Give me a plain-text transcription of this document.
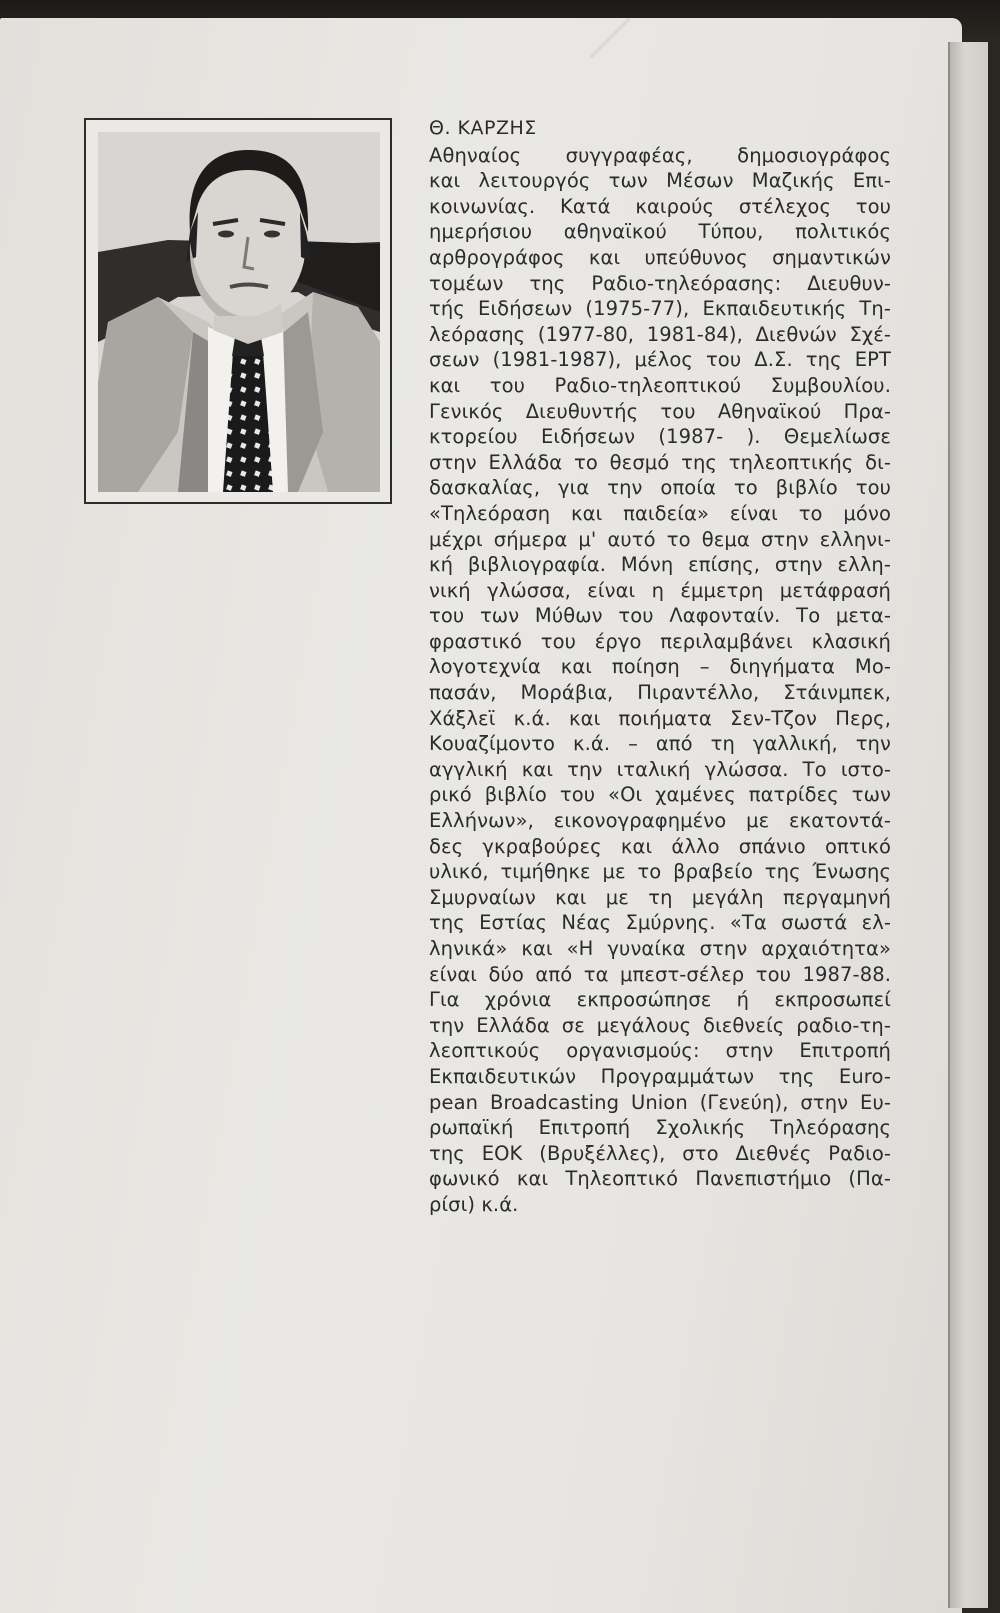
Θ. ΚΑΡΖΗΣ
Αθηναίος συγγραφέας, δημοσιογράφος
και λειτουργός των Μέσων Μαζικής Επι-
κοινωνίας. Κατά καιρούς στέλεχος του
ημερήσιου αθηναϊκού Τύπου, πολιτικός
αρθρογράφος και υπεύθυνος σημαντικών
τομέων της Ραδιο-τηλεόρασης: Διευθυν-
τής Ειδήσεων (1975-77), Εκπαιδευτικής Τη-
λεόρασης (1977-80, 1981-84), Διεθνών Σχέ-
σεων (1981-1987), μέλος του Δ.Σ. της ΕΡΤ
και του Ραδιο-τηλεοπτικού Συμβουλίου.
Γενικός Διευθυντής του Αθηναϊκού Πρα-
κτορείου Ειδήσεων (1987- ). Θεμελίωσε
στην Ελλάδα το θεσμό της τηλεοπτικής δι-
δασκαλίας, για την οποία το βιβλίο του
«Τηλεόραση και παιδεία» είναι το μόνο
μέχρι σήμερα μ' αυτό το θεμα στην ελληνι-
κή βιβλιογραφία. Μόνη επίσης, στην ελλη-
νική γλώσσα, είναι η έμμετρη μετάφρασή
του των Μύθων του Λαφονταίν. Το μετα-
φραστικό του έργο περιλαμβάνει κλασική
λογοτεχνία και ποίηση – διηγήματα Μο-
πασάν, Μοράβια, Πιραντέλλο, Στάινμπεκ,
Χάξλεϊ κ.ά. και ποιήματα Σεν-Τζον Περς,
Κουαζίμοντο κ.ά. – από τη γαλλική, την
αγγλική και την ιταλική γλώσσα. Το ιστο-
ρικό βιβλίο του «Οι χαμένες πατρίδες των
Ελλήνων», εικονογραφημένο με εκατοντά-
δες γκραβούρες και άλλο σπάνιο οπτικό
υλικό, τιμήθηκε με το βραβείο της Ένωσης
Σμυρναίων και με τη μεγάλη περγαμηνή
της Εστίας Νέας Σμύρνης. «Τα σωστά ελ-
ληνικά» και «Η γυναίκα στην αρχαιότητα»
είναι δύο από τα μπεστ-σέλερ του 1987-88.
Για χρόνια εκπροσώπησε ή εκπροσωπεί
την Ελλάδα σε μεγάλους διεθνείς ραδιο-τη-
λεοπτικούς οργανισμούς: στην Επιτροπή
Εκπαιδευτικών Προγραμμάτων της Euro-
pean Broadcasting Union (Γενεύη), στην Ευ-
ρωπαϊκή Επιτροπή Σχολικής Τηλεόρασης
της ΕΟΚ (Βρυξέλλες), στο Διεθνές Ραδιο-
φωνικό και Τηλεοπτικό Πανεπιστήμιο (Πα-
ρίσι) κ.ά.
